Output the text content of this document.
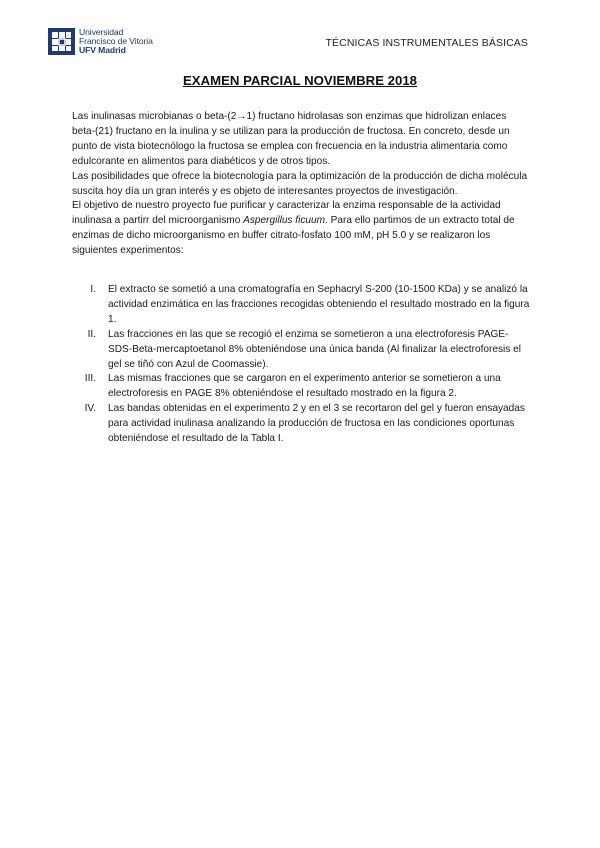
Universidad
Francisco de Vitoria
UFV Madrid
TÉCNICAS INSTRUMENTALES BÁSICAS
EXAMEN PARCIAL NOVIEMBRE 2018

Las inulinasas microbianas o beta-(2→1) fructano hidrolasas son enzimas que hidrolizan enlaces beta-(21) fructano en la inulina y se utilizan para la producción de fructosa. En concreto, desde un punto de vista biotecnólogo la fructosa se emplea con frecuencia en la industria alimentaria como edulcorante en alimentos para diabéticos y de otros tipos.

Las posibilidades que ofrece la biotecnología para la optimización de la producción de dicha molécula suscita hoy día un gran interés y es objeto de interesantes proyectos de investigación.

El objetivo de nuestro proyecto fue purificar y caracterizar la enzima responsable de la actividad inulinasa a partirr del microorganismo Aspergillus ficuum. Para ello partimos de un extracto total de enzimas de dicho microorganismo en buffer citrato-fosfato 100 mM, pH 5.0 y se realizaron los siguientes experimentos:

I. El extracto se sometió a una cromatografía en Sephacryl S-200 (10-1500 KDa) y se analizó la actividad enzimática en las fracciones recogidas obteniendo el resultado mostrado en la figura 1.
II. Las fracciones en las que se recogió el enzima se sometieron a una electroforesis PAGE-SDS-Beta-mercaptoetanol 8% obteniéndose una única banda (Al finalizar la electroforesis el gel se tiñó con Azul de Coomassie).
III. Las mismas fracciones que se cargaron en el experimento anterior se sometieron a una electroforesis en PAGE 8% obteniéndose el resultado mostrado en la figura 2.
IV. Las bandas obtenidas en el experimento 2 y en el 3 se recortaron del gel y fueron ensayadas para actividad inulinasa analizando la producción de fructosa en las condiciones oportunas obteniéndose el resultado de la Tabla I.
